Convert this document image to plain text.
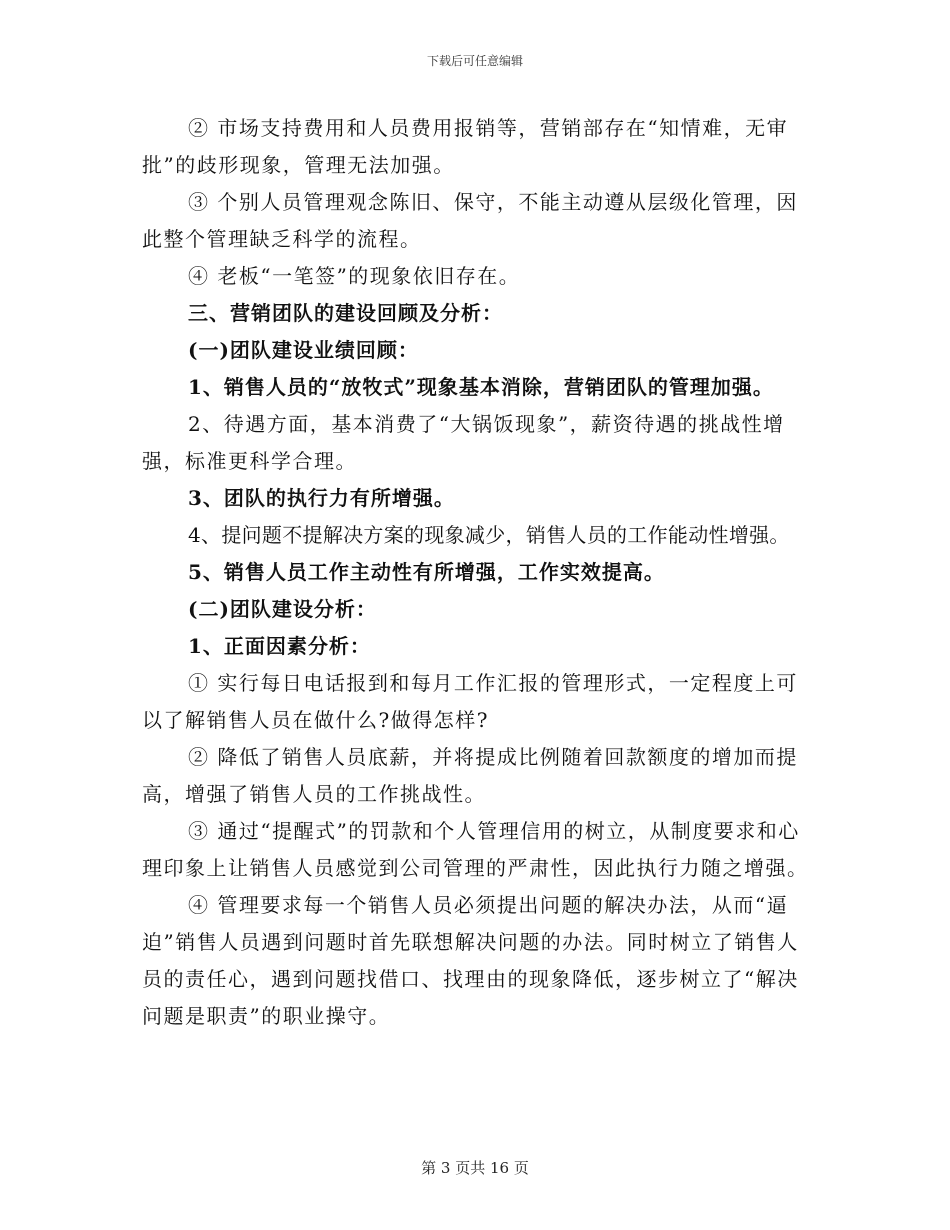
下载后可任意编辑

② 市场支持费用和人员费用报销等，营销部存在“知情难，无审批”的歧形现象，管理无法加强。

③ 个别人员管理观念陈旧、保守，不能主动遵从层级化管理，因此整个管理缺乏科学的流程。

④ 老板“一笔签”的现象依旧存在。

三、营销团队的建设回顾及分析：

(一)团队建设业绩回顾：

1、销售人员的“放牧式”现象基本消除，营销团队的管理加强。

2、待遇方面，基本消费了“大锅饭现象”，薪资待遇的挑战性增强，标准更科学合理。

3、团队的执行力有所增强。

4、提问题不提解决方案的现象减少，销售人员的工作能动性增强。

5、销售人员工作主动性有所增强，工作实效提高。

(二)团队建设分析：

1、正面因素分析：

① 实行每日电话报到和每月工作汇报的管理形式，一定程度上可以了解销售人员在做什么?做得怎样?

② 降低了销售人员底薪，并将提成比例随着回款额度的增加而提高，增强了销售人员的工作挑战性。

③ 通过“提醒式”的罚款和个人管理信用的树立，从制度要求和心理印象上让销售人员感觉到公司管理的严肃性，因此执行力随之增强。

④ 管理要求每一个销售人员必须提出问题的解决办法，从而“逼迫”销售人员遇到问题时首先联想解决问题的办法。同时树立了销售人员的责任心，遇到问题找借口、找理由的现象降低，逐步树立了“解决问题是职责”的职业操守。

第 3 页共 16 页
